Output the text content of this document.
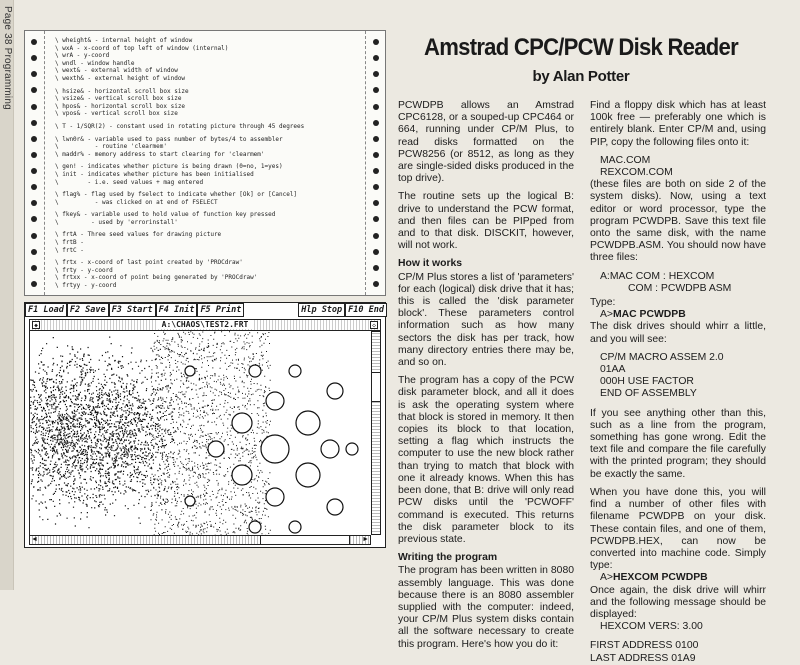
Page 38 Programming	\ wheight& - internal height of window
\ wxA - x-coord of top left of window (internal)
\ wrA - y-coord
\ wndl - window handle
\ wext& - external width of window
\ wexth& - external height of window
\ hsize& - horizontal scroll box size
\ vsize& - vertical scroll box size
\ hpos& - horizontal scroll box size
\ vpos& - vertical scroll box size
\ T - 1/SQR(2) - constant used in rotating picture through 45 degrees
\ lwn0r& - variable used to pass number of bytes/4 to assembler
\          - routine 'clearmem'
\ maddr% - memory address to start clearing for 'clearmem'
\ gen! - indicates whether picture is being drawn (0=no, 1=yes)
\ init - indicates whether picture has been initialised
\        - i.e. seed values + mag entered
\ flag% - flag used by fselect to indicate whether [Ok] or [Cancel]
\          - was clicked on at end of FSELECT
\ fkey& - variable used to hold value of function key pressed
\         - used by 'errorinstall'
\ frtA - Three seed values for drawing picture
\ frtB -
\ frtC -
\ frtx - x-coord of last point created by 'PROCdraw'
\ frty - y-coord
\ frtxx - x-coord of point being generated by 'PROCdraw'
\ frtyy - y-coord
F1 Load F2 Save F3 Start F4 Init F5 Print	Hlp Stop F10 End
◆	A:\CHAOS\TEST2.FRT	◇
◄	►
Amstrad CPC/PCW Disk Reader
by Alan Potter

PCWDPB allows an Amstrad CPC6128, or a souped-up CPC464 or 664, running under CP/M Plus, to read disks formatted on the PCW8256 (or 8512, as long as they are single-sided disks produced in the top drive).

The routine sets up the logical B: drive to understand the PCW format, and then files can be PIPped from and to that disk. DISCKIT, however, will not work.

How it works

CP/M Plus stores a list of 'parameters' for each (logical) disk drive that it has; this is called the 'disk parameter block'. These parameters control information such as how many sectors the disk has per track, how many directory entries there may be, and so on.

The program has a copy of the PCW disk parameter block, and all it does is ask the operating system where that block is stored in memory. It then copies its block to that location, setting a flag which instructs the computer to use the new block rather than trying to match that block with one it already knows. When this has been done, that B: drive will only read PCW disks until the 'PCWOFF' command is executed. This returns the disk parameter block to its previous state.

Writing the program

The program has been written in 8080 assembly language. This was done because there is an 8080 assembler supplied with the computer: indeed, your CP/M Plus system disks contain all the software necessary to create this program. Here's how you do it:

Find a floppy disk which has at least 100k free — preferably one which is entirely blank. Enter CP/M and, using PIP, copy the following files onto it:

MAC.COM
REXCOM.COM

(these files are both on side 2 of the system disks). Now, using a text editor or word processor, type the program PCWDPB. Save this text file onto the same disk, with the name PCWDPB.ASM. You should now have three files:

A:MAC COM : HEXCOM
COM : PCWDPB ASM
Type:
A>MAC PCWDPB

The disk drives should whirr a little, and you will see:

CP/M MACRO ASSEM 2.0
01AA
000H USE FACTOR
END OF ASSEMBLY

If you see anything other than this, such as a line from the program, something has gone wrong. Edit the text file and compare the file carefully with the printed program; they should be exactly the same.

When you have done this, you will find a number of other files with filename PCWDPB on your disk. These contain files, and one of them, PCWDPB.HEX, can now be converted into machine code. Simply type:

A>HEXCOM PCWDPB

Once again, the disk drive will whirr and the following message should be displayed:

HEXCOM VERS: 3.00
FIRST ADDRESS 0100
LAST ADDRESS 01A9
